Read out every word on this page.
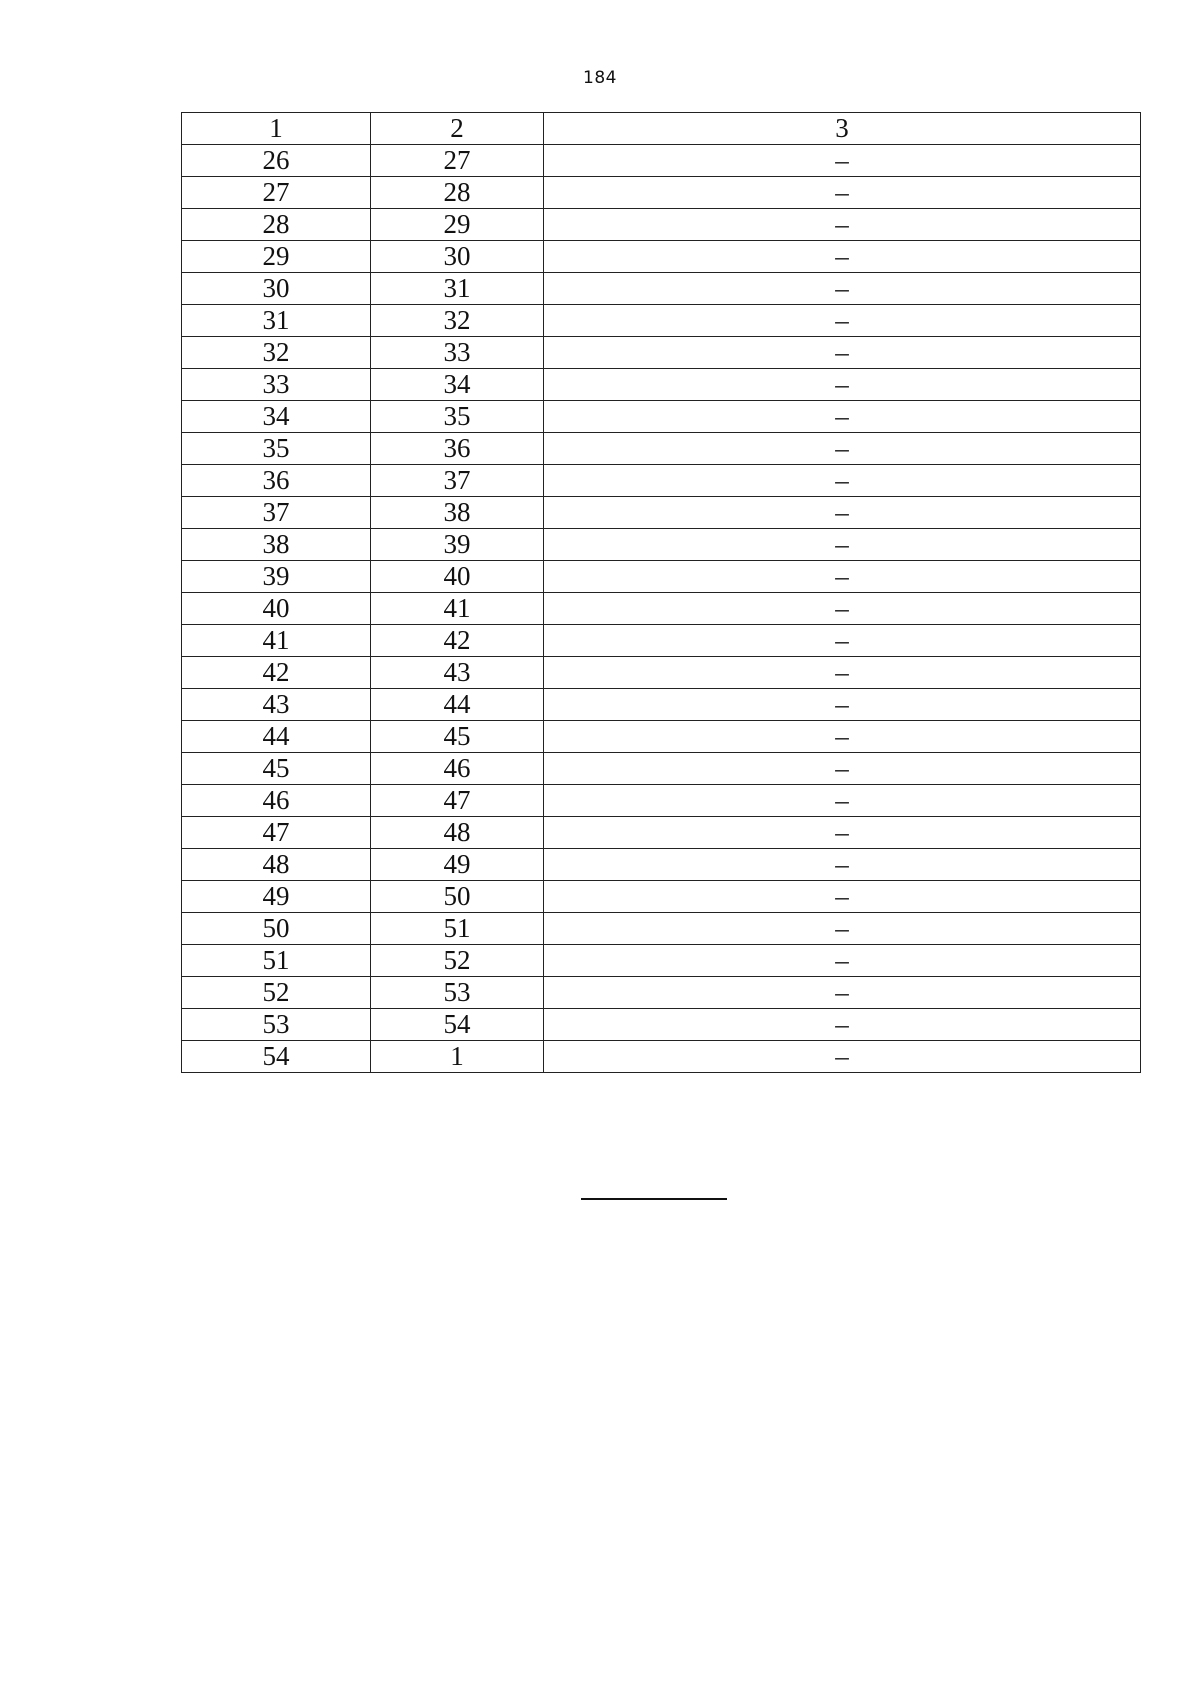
184
1	2	3
26	27	–
27	28	–
28	29	–
29	30	–
30	31	–
31	32	–
32	33	–
33	34	–
34	35	–
35	36	–
36	37	–
37	38	–
38	39	–
39	40	–
40	41	–
41	42	–
42	43	–
43	44	–
44	45	–
45	46	–
46	47	–
47	48	–
48	49	–
49	50	–
50	51	–
51	52	–
52	53	–
53	54	–
54	1	–
